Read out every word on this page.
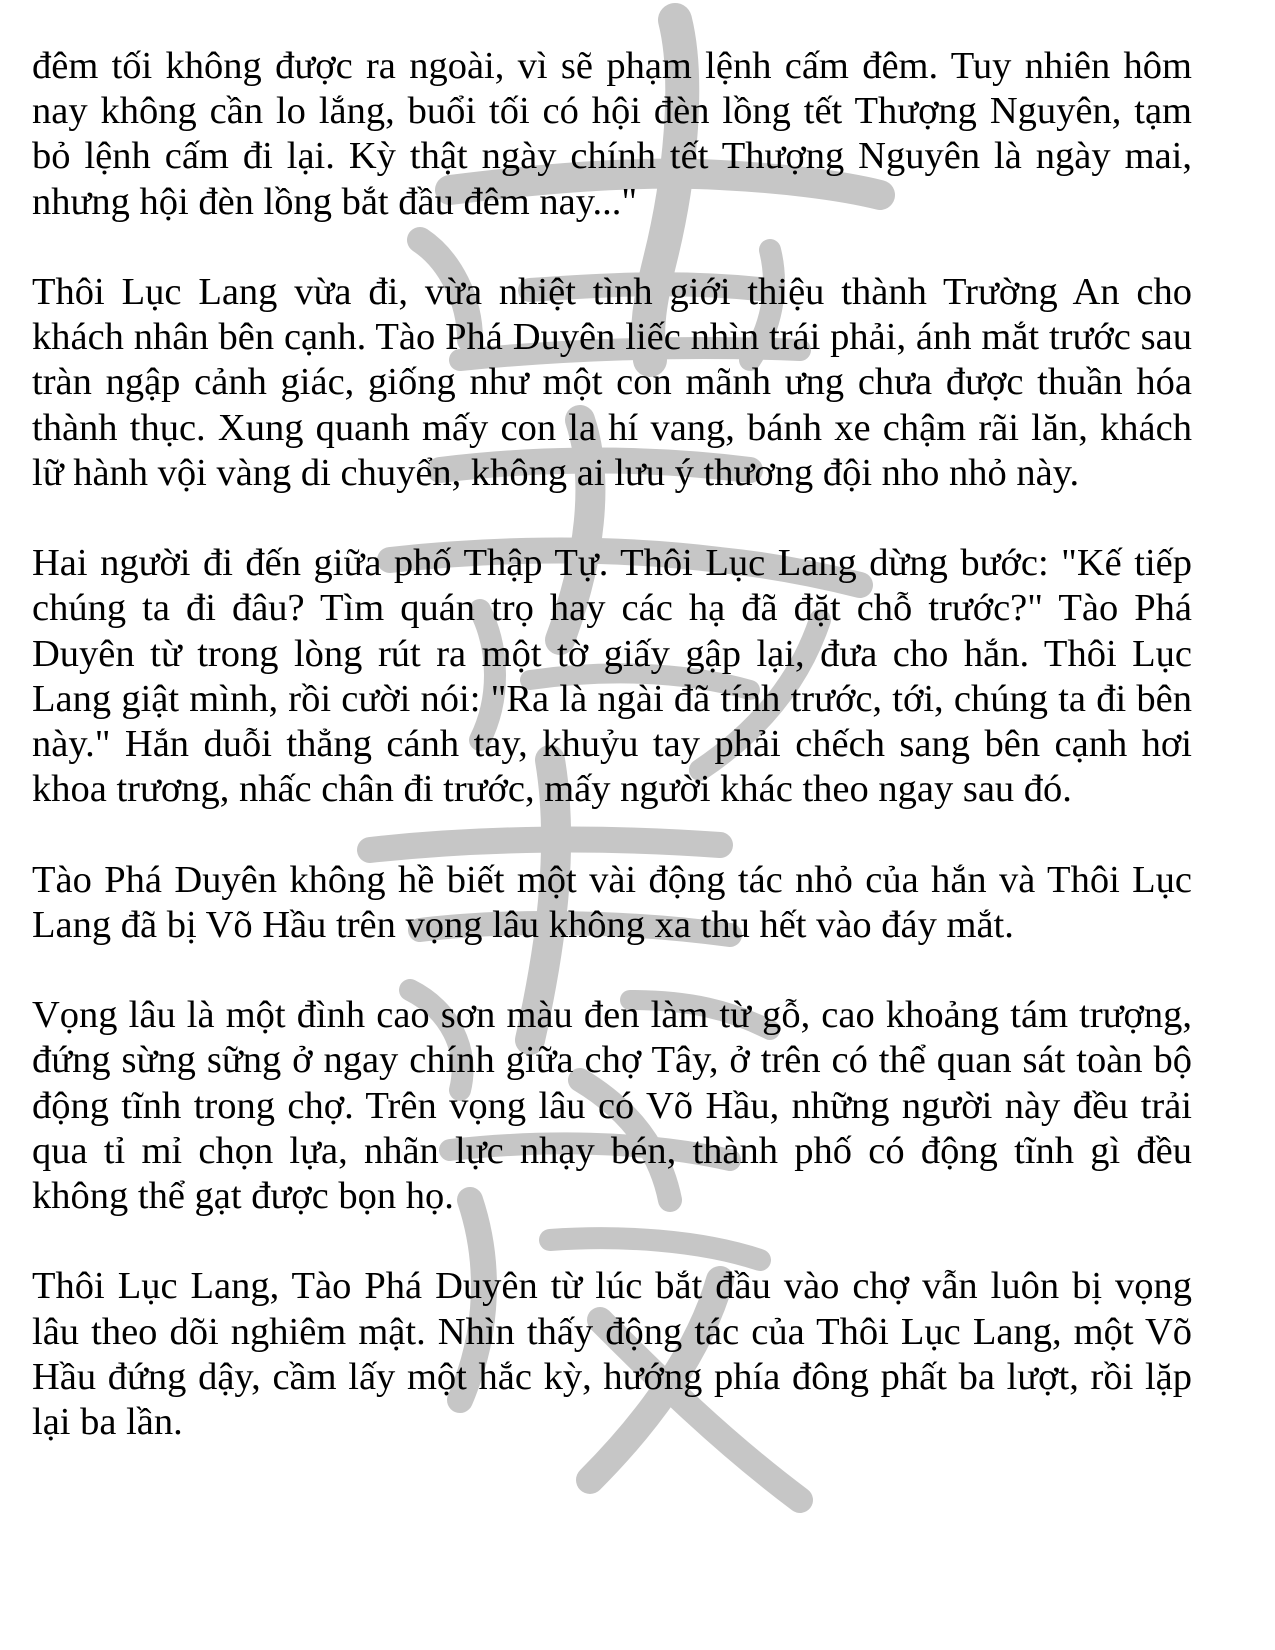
đêm tối không được ra ngoài, vì sẽ phạm lệnh cấm đêm. Tuy nhiên hôm nay không cần lo lắng, buổi tối có hội đèn lồng tết Thượng Nguyên, tạm bỏ lệnh cấm đi lại. Kỳ thật ngày chính tết Thượng Nguyên là ngày mai, nhưng hội đèn lồng bắt đầu đêm nay..."

Thôi Lục Lang vừa đi, vừa nhiệt tình giới thiệu thành Trường An cho khách nhân bên cạnh. Tào Phá Duyên liếc nhìn trái phải, ánh mắt trước sau tràn ngập cảnh giác, giống như một con mãnh ưng chưa được thuần hóa thành thục. Xung quanh mấy con la hí vang, bánh xe chậm rãi lăn, khách lữ hành vội vàng di chuyển, không ai lưu ý thương đội nho nhỏ này.

Hai người đi đến giữa phố Thập Tự. Thôi Lục Lang dừng bước: "Kế tiếp chúng ta đi đâu? Tìm quán trọ hay các hạ đã đặt chỗ trước?" Tào Phá Duyên từ trong lòng rút ra một tờ giấy gập lại, đưa cho hắn. Thôi Lục Lang giật mình, rồi cười nói: "Ra là ngài đã tính trước, tới, chúng ta đi bên này." Hắn duỗi thẳng cánh tay, khuỷu tay phải chếch sang bên cạnh hơi khoa trương, nhấc chân đi trước, mấy người khác theo ngay sau đó.

Tào Phá Duyên không hề biết một vài động tác nhỏ của hắn và Thôi Lục Lang đã bị Võ Hầu trên vọng lâu không xa thu hết vào đáy mắt.

Vọng lâu là một đình cao sơn màu đen làm từ gỗ, cao khoảng tám trượng, đứng sừng sững ở ngay chính giữa chợ Tây, ở trên có thể quan sát toàn bộ động tĩnh trong chợ. Trên vọng lâu có Võ Hầu, những người này đều trải qua tỉ mỉ chọn lựa, nhãn lực nhạy bén, thành phố có động tĩnh gì đều không thể gạt được bọn họ.

Thôi Lục Lang, Tào Phá Duyên từ lúc bắt đầu vào chợ vẫn luôn bị vọng lâu theo dõi nghiêm mật. Nhìn thấy động tác của Thôi Lục Lang, một Võ Hầu đứng dậy, cầm lấy một hắc kỳ, hướng phía đông phất ba lượt, rồi lặp lại ba lần.
